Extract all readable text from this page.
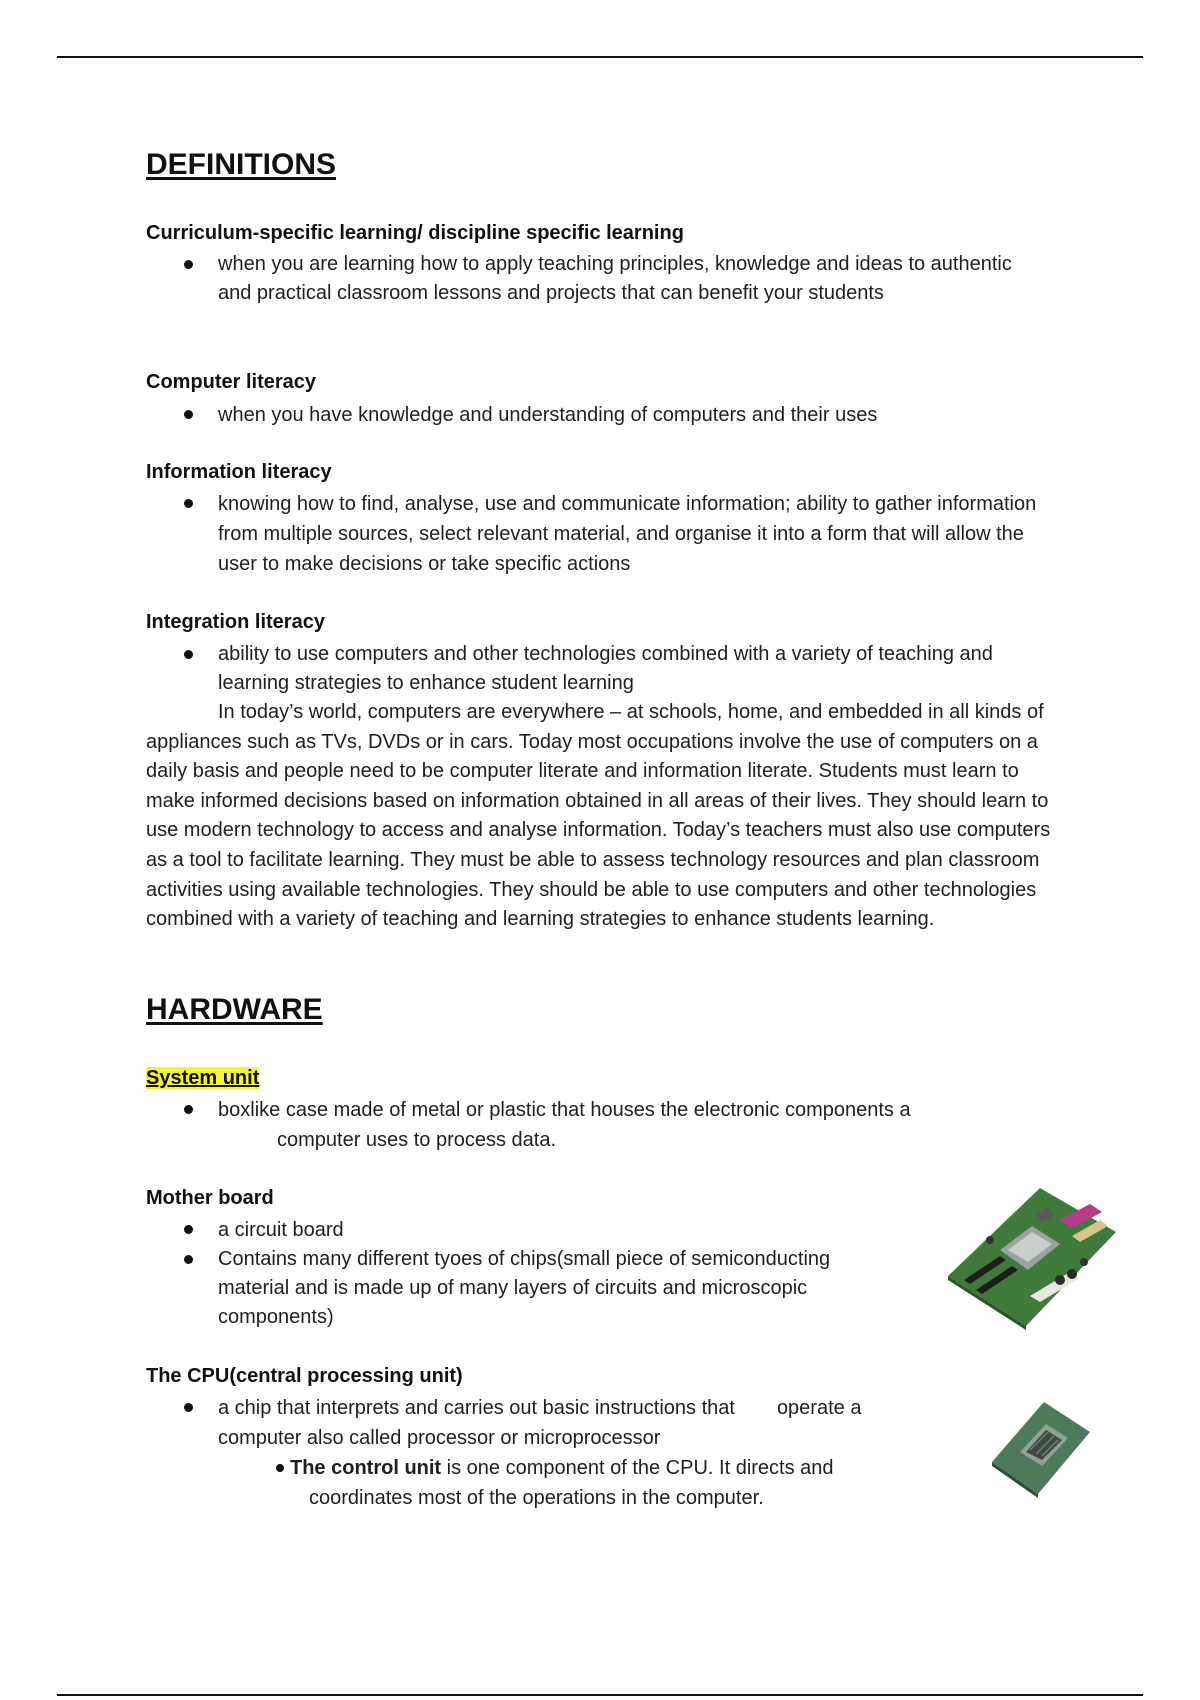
DEFINITIONS

Curriculum-specific learning/ discipline specific learning

when you are learning how to apply teaching principles, knowledge and ideas to authentic and practical classroom lessons and projects that can benefit your students

Computer literacy

when you have knowledge and understanding of computers and their uses

Information literacy

knowing how to find, analyse, use and communicate information; ability to gather information from multiple sources, select relevant material, and organise it into a form that will allow the user to make decisions or take specific actions

Integration literacy

ability to use computers and other technologies combined with a variety of teaching and learning strategies to enhance student learning

In today’s world, computers are everywhere – at schools, home, and embedded in all kinds of appliances such as TVs, DVDs or in cars. Today most occupations involve the use of computers on a daily basis and people need to be computer literate and information literate. Students must learn to make informed decisions based on information obtained in all areas of their lives. They should learn to use modern technology to access and analyse information. Today’s teachers must also use computers as a tool to facilitate learning. They must be able to assess technology resources and plan classroom activities using available technologies. They should be able to use computers and other technologies combined with a variety of teaching and learning strategies to enhance students learning.

HARDWARE

System unit

boxlike case made of metal or plastic that houses the electronic components a

computer uses to process data.

Mother board

a circuit board

Contains many different tyoes of chips(small piece of semiconducting material and is made up of many layers of circuits and microscopic components)

The CPU(central processing unit)

a chip that interprets and carries out basic instructions that operate a

computer also called processor or microprocessor

The control unit is one component of the CPU. It directs and

coordinates most of the operations in the computer.
